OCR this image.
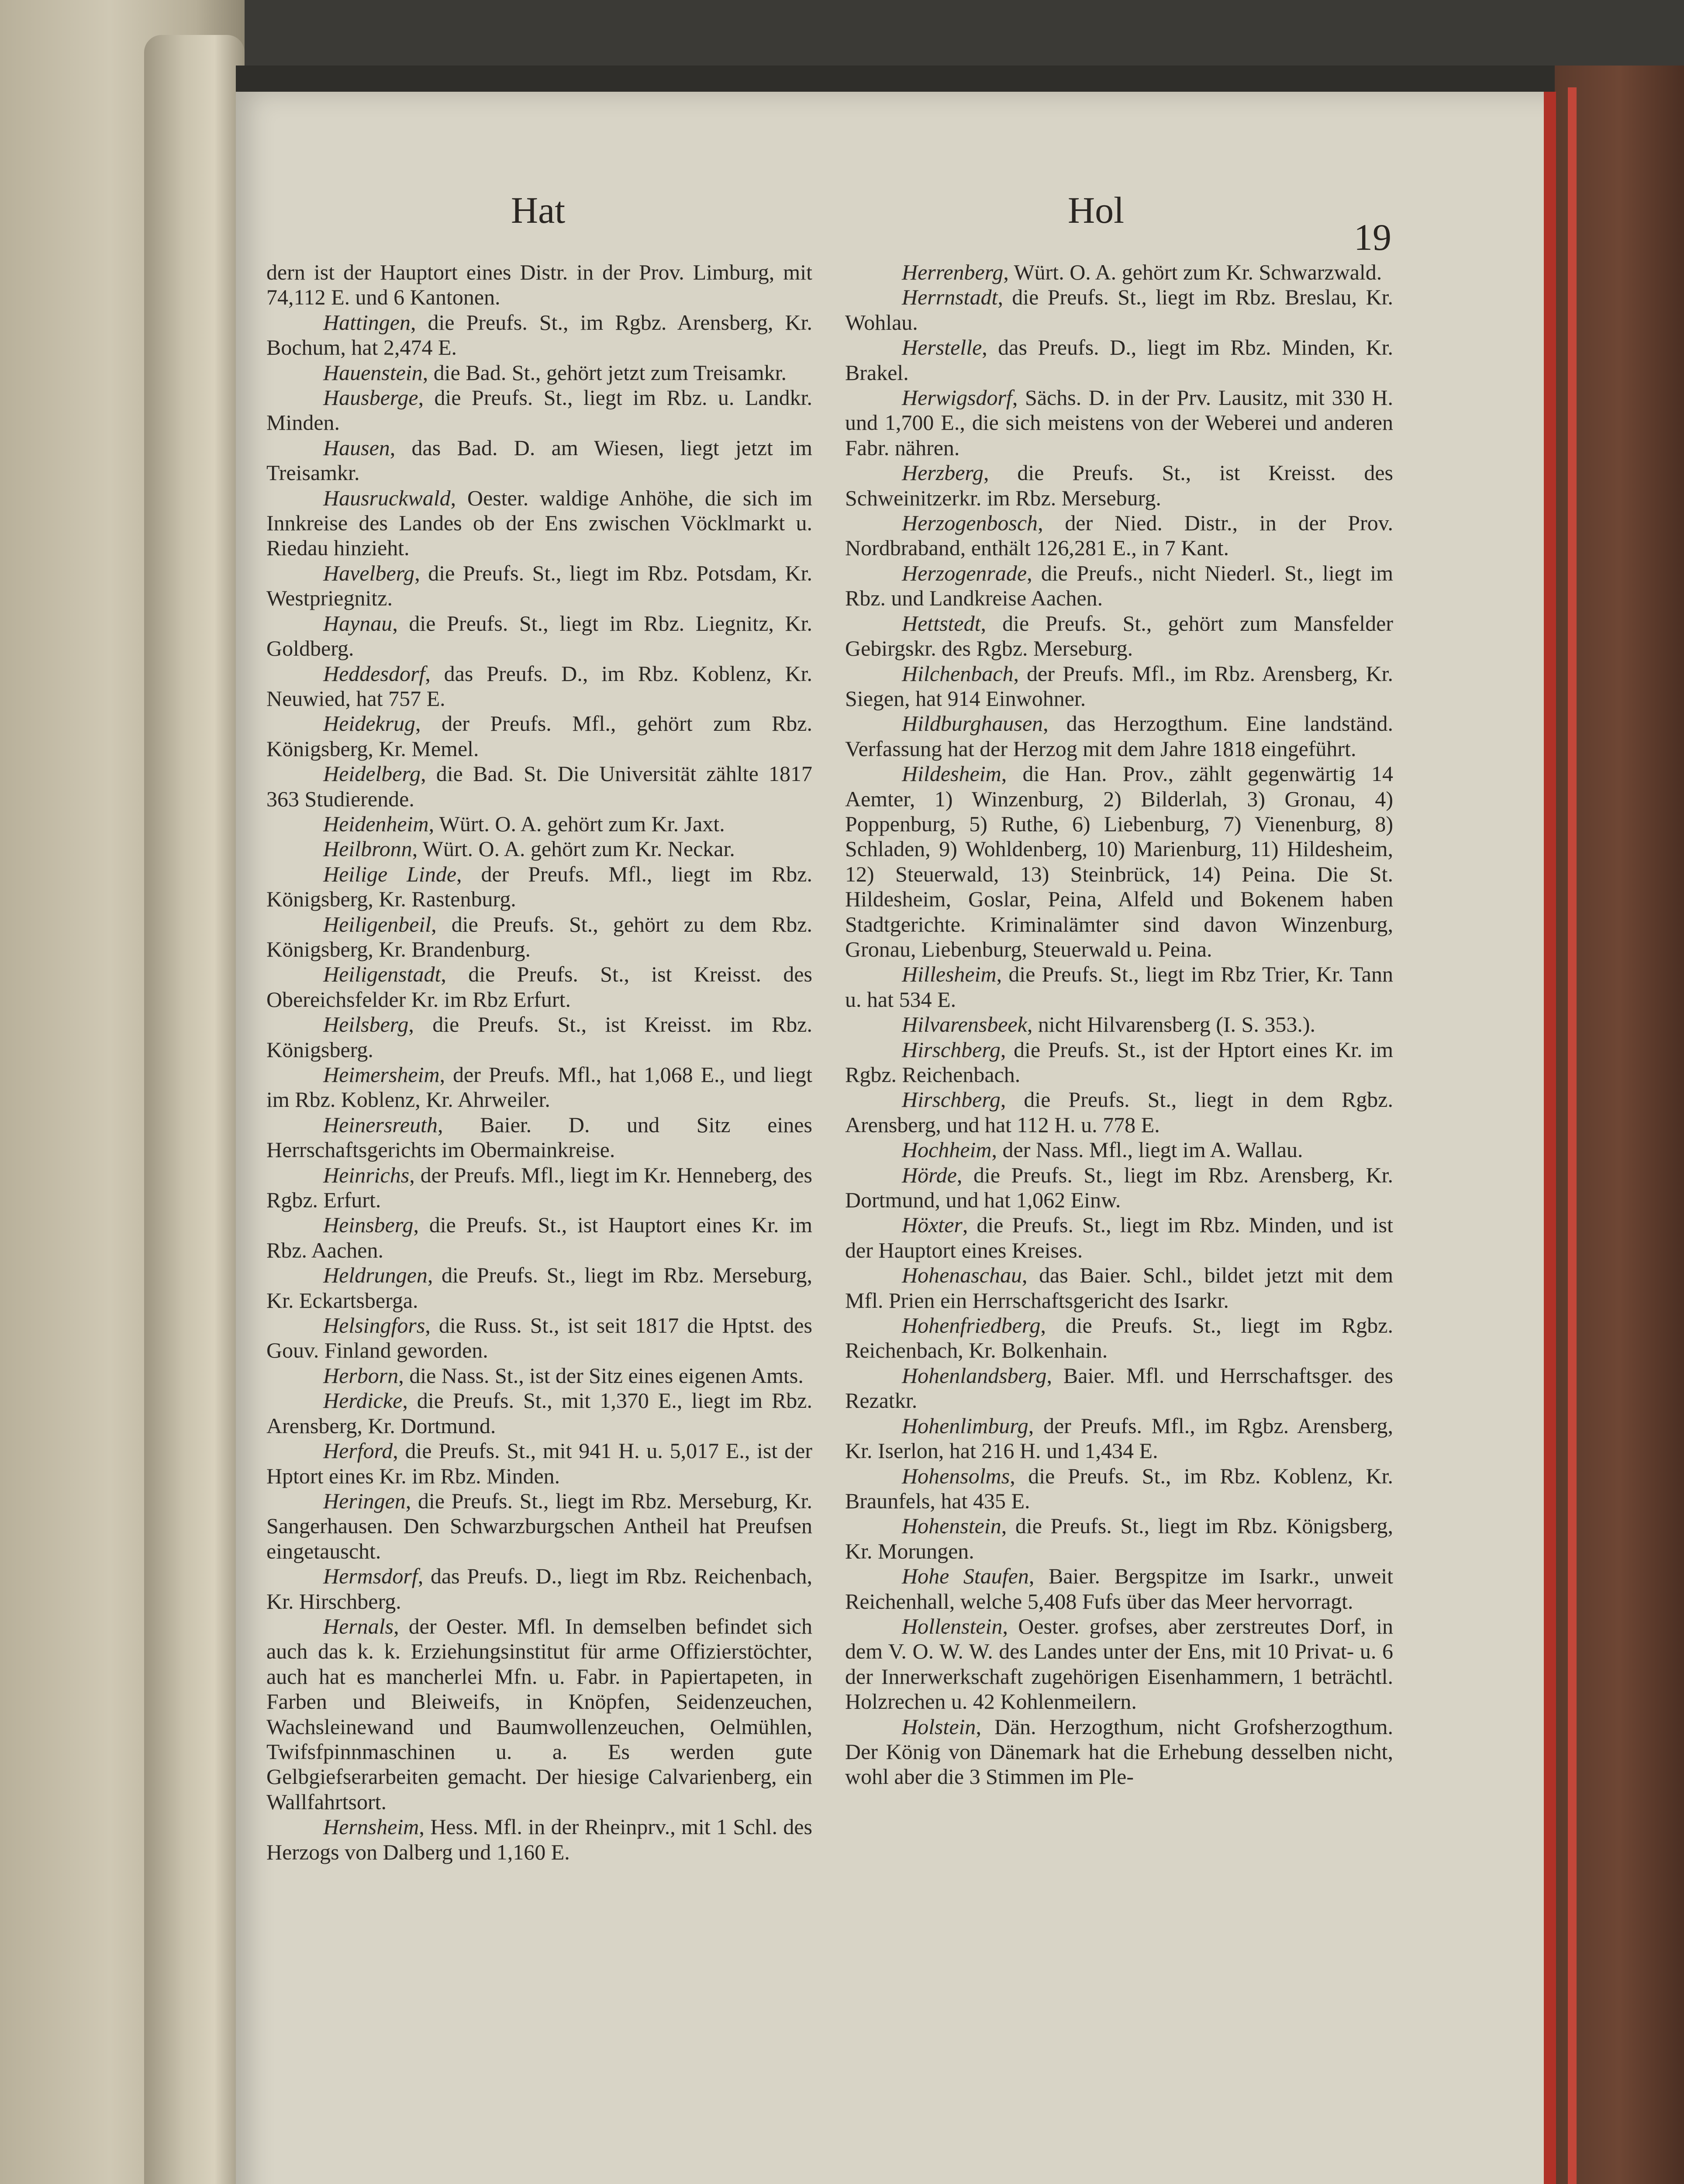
Hat	Hol
19

dern ist der Hauptort eines Distr. in der Prov. Limburg, mit 74,112 E. und 6 Kantonen.

Hattingen, die Preufs. St., im Rgbz. Arensberg, Kr. Bochum, hat 2,474 E.

Hauenstein, die Bad. St., gehört jetzt zum Treisamkr.

Hausberge, die Preufs. St., liegt im Rbz. u. Landkr. Minden.

Hausen, das Bad. D. am Wiesen, liegt jetzt im Treisamkr.

Hausruckwald, Oester. waldige Anhöhe, die sich im Innkreise des Landes ob der Ens zwischen Vöcklmarkt u. Riedau hinzieht.

Havelberg, die Preufs. St., liegt im Rbz. Potsdam, Kr. Westpriegnitz.

Haynau, die Preufs. St., liegt im Rbz. Liegnitz, Kr. Goldberg.

Heddesdorf, das Preufs. D., im Rbz. Koblenz, Kr. Neuwied, hat 757 E.

Heidekrug, der Preufs. Mfl., gehört zum Rbz. Königsberg, Kr. Memel.

Heidelberg, die Bad. St. Die Universität zählte 1817 363 Studierende.

Heidenheim, Würt. O. A. gehört zum Kr. Jaxt.

Heilbronn, Würt. O. A. gehört zum Kr. Neckar.

Heilige Linde, der Preufs. Mfl., liegt im Rbz. Königsberg, Kr. Rastenburg.

Heiligenbeil, die Preufs. St., gehört zu dem Rbz. Königsberg, Kr. Brandenburg.

Heiligenstadt, die Preufs. St., ist Kreisst. des Obereichsfelder Kr. im Rbz Erfurt.

Heilsberg, die Preufs. St., ist Kreisst. im Rbz. Königsberg.

Heimersheim, der Preufs. Mfl., hat 1,068 E., und liegt im Rbz. Koblenz, Kr. Ahrweiler.

Heinersreuth, Baier. D. und Sitz eines Herrschaftsgerichts im Obermainkreise.

Heinrichs, der Preufs. Mfl., liegt im Kr. Henneberg, des Rgbz. Erfurt.

Heinsberg, die Preufs. St., ist Hauptort eines Kr. im Rbz. Aachen.

Heldrungen, die Preufs. St., liegt im Rbz. Merseburg, Kr. Eckartsberga.

Helsingfors, die Russ. St., ist seit 1817 die Hptst. des Gouv. Finland geworden.

Herborn, die Nass. St., ist der Sitz eines eigenen Amts.

Herdicke, die Preufs. St., mit 1,370 E., liegt im Rbz. Arensberg, Kr. Dortmund.

Herford, die Preufs. St., mit 941 H. u. 5,017 E., ist der Hptort eines Kr. im Rbz. Minden.

Heringen, die Preufs. St., liegt im Rbz. Merseburg, Kr. Sangerhausen. Den Schwarzburgschen Antheil hat Preufsen eingetauscht.

Hermsdorf, das Preufs. D., liegt im Rbz. Reichenbach, Kr. Hirschberg.

Hernals, der Oester. Mfl. In demselben befindet sich auch das k. k. Erziehungsinstitut für arme Offizierstöchter, auch hat es mancherlei Mfn. u. Fabr. in Papiertapeten, in Farben und Bleiweifs, in Knöpfen, Seidenzeuchen, Wachsleinewand und Baumwollenzeuchen, Oelmühlen, Twifsfpinnmaschinen u. a. Es werden gute Gelbgiefserarbeiten gemacht. Der hiesige Calvarienberg, ein Wallfahrtsort.

Hernsheim, Hess. Mfl. in der Rheinprv., mit 1 Schl. des Herzogs von Dalberg und 1,160 E.

Herrenberg, Würt. O. A. gehört zum Kr. Schwarzwald.

Herrnstadt, die Preufs. St., liegt im Rbz. Breslau, Kr. Wohlau.

Herstelle, das Preufs. D., liegt im Rbz. Minden, Kr. Brakel.

Herwigsdorf, Sächs. D. in der Prv. Lausitz, mit 330 H. und 1,700 E., die sich meistens von der Weberei und anderen Fabr. nähren.

Herzberg, die Preufs. St., ist Kreisst. des Schweinitzerkr. im Rbz. Merseburg.

Herzogenbosch, der Nied. Distr., in der Prov. Nordbraband, enthält 126,281 E., in 7 Kant.

Herzogenrade, die Preufs., nicht Niederl. St., liegt im Rbz. und Landkreise Aachen.

Hettstedt, die Preufs. St., gehört zum Mansfelder Gebirgskr. des Rgbz. Merseburg.

Hilchenbach, der Preufs. Mfl., im Rbz. Arensberg, Kr. Siegen, hat 914 Einwohner.

Hildburghausen, das Herzogthum. Eine landständ. Verfassung hat der Herzog mit dem Jahre 1818 eingeführt.

Hildesheim, die Han. Prov., zählt gegenwärtig 14 Aemter, 1) Winzenburg, 2) Bilderlah, 3) Gronau, 4) Poppenburg, 5) Ruthe, 6) Liebenburg, 7) Vienenburg, 8) Schladen, 9) Wohldenberg, 10) Marienburg, 11) Hildesheim, 12) Steuerwald, 13) Steinbrück, 14) Peina. Die St. Hildesheim, Goslar, Peina, Alfeld und Bokenem haben Stadtgerichte. Kriminalämter sind davon Winzenburg, Gronau, Liebenburg, Steuerwald u. Peina.

Hillesheim, die Preufs. St., liegt im Rbz Trier, Kr. Tann u. hat 534 E.

Hilvarensbeek, nicht Hilvarensberg (I. S. 353.).

Hirschberg, die Preufs. St., ist der Hptort eines Kr. im Rgbz. Reichenbach.

Hirschberg, die Preufs. St., liegt in dem Rgbz. Arensberg, und hat 112 H. u. 778 E.

Hochheim, der Nass. Mfl., liegt im A. Wallau.

Hörde, die Preufs. St., liegt im Rbz. Arensberg, Kr. Dortmund, und hat 1,062 Einw.

Höxter, die Preufs. St., liegt im Rbz. Minden, und ist der Hauptort eines Kreises.

Hohenaschau, das Baier. Schl., bildet jetzt mit dem Mfl. Prien ein Herrschaftsgericht des Isarkr.

Hohenfriedberg, die Preufs. St., liegt im Rgbz. Reichenbach, Kr. Bolkenhain.

Hohenlandsberg, Baier. Mfl. und Herrschaftsger. des Rezatkr.

Hohenlimburg, der Preufs. Mfl., im Rgbz. Arensberg, Kr. Iserlon, hat 216 H. und 1,434 E.

Hohensolms, die Preufs. St., im Rbz. Koblenz, Kr. Braunfels, hat 435 E.

Hohenstein, die Preufs. St., liegt im Rbz. Königsberg, Kr. Morungen.

Hohe Staufen, Baier. Bergspitze im Isarkr., unweit Reichenhall, welche 5,408 Fufs über das Meer hervorragt.

Hollenstein, Oester. grofses, aber zerstreutes Dorf, in dem V. O. W. W. des Landes unter der Ens, mit 10 Privat- u. 6 der Innerwerkschaft zugehörigen Eisenhammern, 1 beträchtl. Holzrechen u. 42 Kohlenmeilern.

Holstein, Dän. Herzogthum, nicht Grofsherzogthum. Der König von Dänemark hat die Erhebung desselben nicht, wohl aber die 3 Stimmen im Ple-
